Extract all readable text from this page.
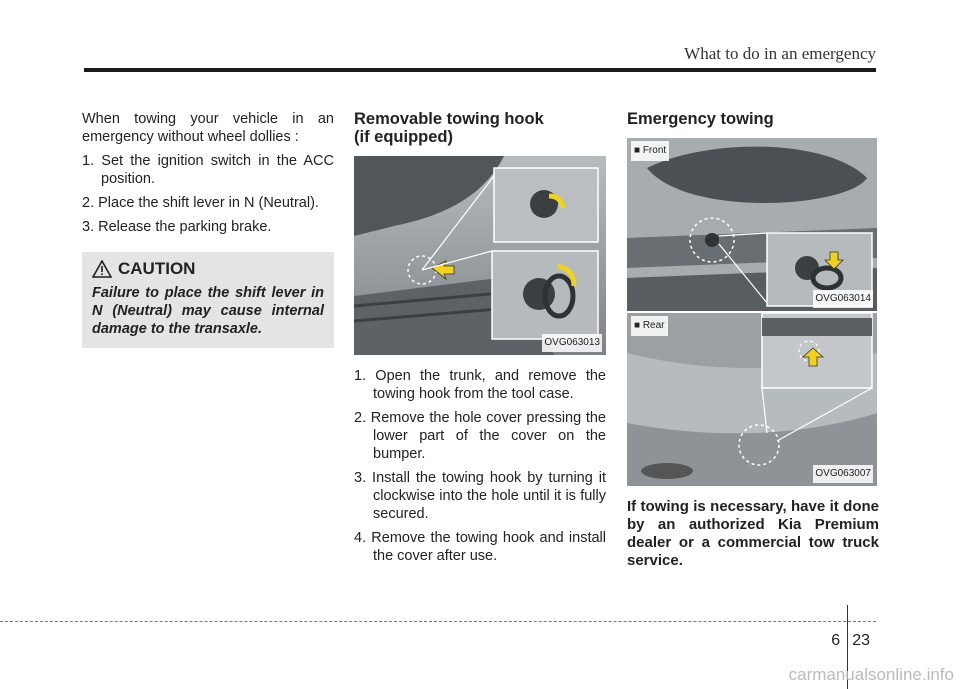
What to do in an emergency

When towing your vehicle in an emergency without wheel dollies :

1. Set the ignition switch in the ACC position.
2. Place the shift lever in N (Neutral).
3. Release the parking brake.
CAUTION
Failure to place the shift lever in N (Neutral) may cause internal damage to the transaxle.
Removable towing hook
(if equipped)
OVG063013
1. Open the trunk, and remove the towing hook from the tool case.
2. Remove the hole cover pressing the lower part of the cover on the bumper.
3. Install the towing hook by turning it clockwise into the hole until it is fully secured.
4. Remove the towing hook and install the cover after use.
Emergency towing
■ Front
OVG063014
■ Rear
OVG063007
If towing is necessary, have it done by an authorized Kia Premium dealer or a commercial tow truck service.
6 23
carmanualsonline.info
